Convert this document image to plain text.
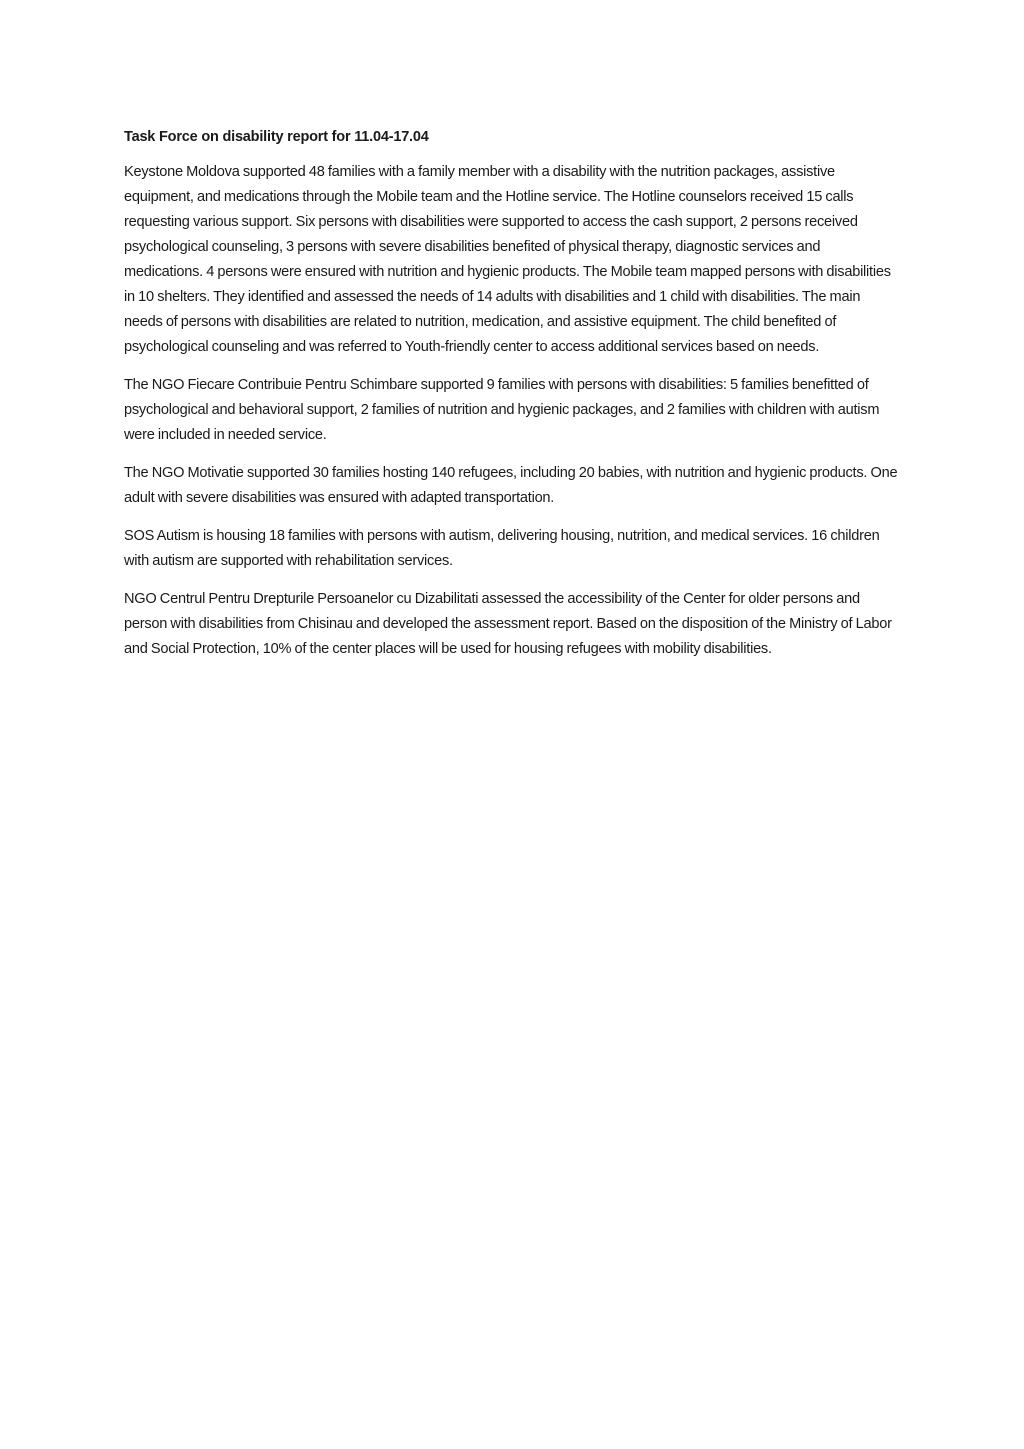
Task Force on disability report for 11.04-17.04

Keystone Moldova supported 48 families with a family member with a disability with the nutrition packages, assistive equipment, and medications through the Mobile team and the Hotline service. The Hotline counselors received 15 calls requesting various support. Six persons with disabilities were supported to access the cash support, 2 persons received psychological counseling, 3 persons with severe disabilities benefited of physical therapy, diagnostic services and medications. 4 persons were ensured with nutrition and hygienic products. The Mobile team mapped persons with disabilities in 10 shelters. They identified and assessed the needs of 14 adults with disabilities and 1 child with disabilities. The main needs of persons with disabilities are related to nutrition, medication, and assistive equipment. The child benefited of psychological counseling and was referred to Youth-friendly center to access additional services based on needs.

The NGO Fiecare Contribuie Pentru Schimbare supported 9 families with persons with disabilities: 5 families benefitted of psychological and behavioral support, 2 families of nutrition and hygienic packages, and 2 families with children with autism were included in needed service.

The NGO Motivatie supported 30 families hosting 140 refugees, including 20 babies, with nutrition and hygienic products. One adult with severe disabilities was ensured with adapted transportation.

SOS Autism is housing 18 families with persons with autism, delivering housing, nutrition, and medical services. 16 children with autism are supported with rehabilitation services.

NGO Centrul Pentru Drepturile Persoanelor cu Dizabilitati assessed the accessibility of the Center for older persons and person with disabilities from Chisinau and developed the assessment report. Based on the disposition of the Ministry of Labor and Social Protection, 10% of the center places will be used for housing refugees with mobility disabilities.
